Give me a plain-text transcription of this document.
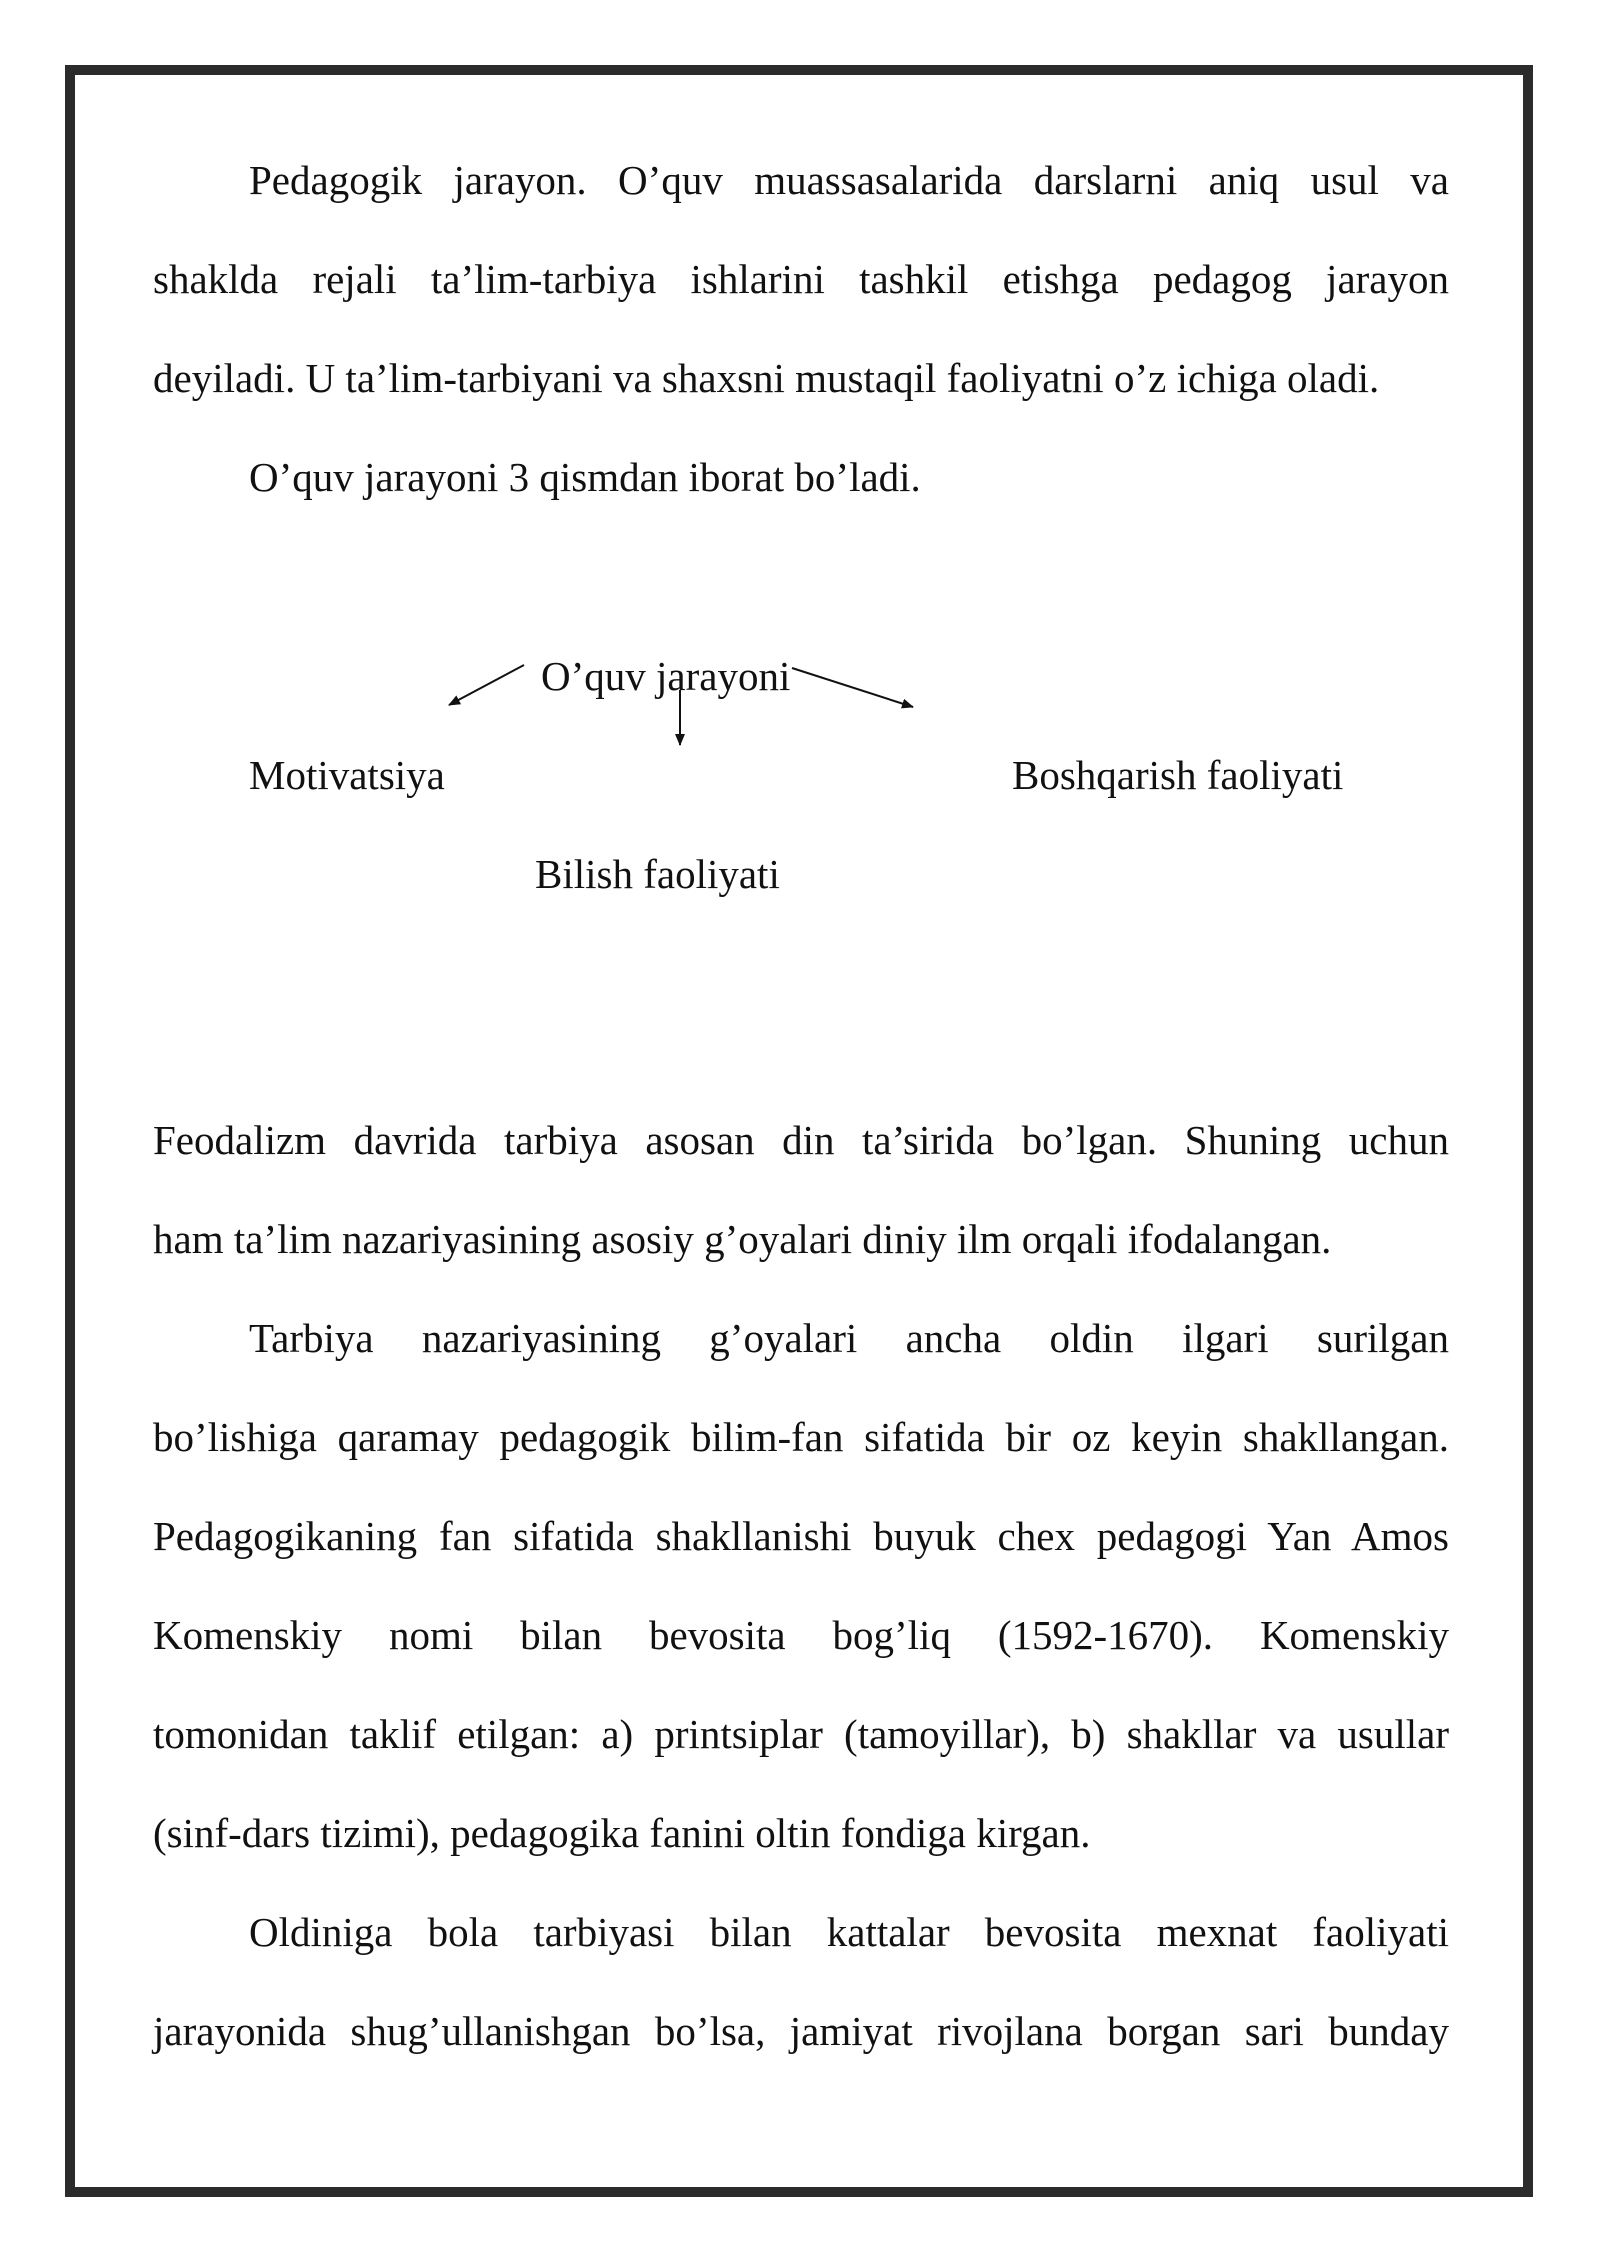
Pedagogik jarayon. O’quv muassasalarida darslarni aniq usul va
shaklda rejali ta’lim-tarbiya ishlarini tashkil etishga pedagog jarayon
deyiladi. U ta’lim-tarbiyani va shaxsni mustaqil faoliyatni o’z ichiga oladi.
O’quv jarayoni 3 qismdan iborat bo’ladi.
O’quv jarayoni
Motivatsiya	Boshqarish faoliyati
Bilish faoliyati
Feodalizm davrida tarbiya asosan din ta’sirida bo’lgan. Shuning uchun
ham ta’lim nazariyasining asosiy g’oyalari diniy ilm orqali ifodalangan.
Tarbiya nazariyasining g’oyalari ancha oldin ilgari surilgan
bo’lishiga qaramay pedagogik bilim-fan sifatida bir oz keyin shakllangan.
Pedagogikaning fan sifatida shakllanishi buyuk chex pedagogi Yan Amos
Komenskiy nomi bilan bevosita bog’liq (1592-1670). Komenskiy
tomonidan taklif etilgan: a) printsiplar (tamoyillar), b) shakllar va usullar
(sinf-dars tizimi), pedagogika fanini oltin fondiga kirgan.
Oldiniga bola tarbiyasi bilan kattalar bevosita mexnat faoliyati
jarayonida shug’ullanishgan bo’lsa, jamiyat rivojlana borgan sari bunday
